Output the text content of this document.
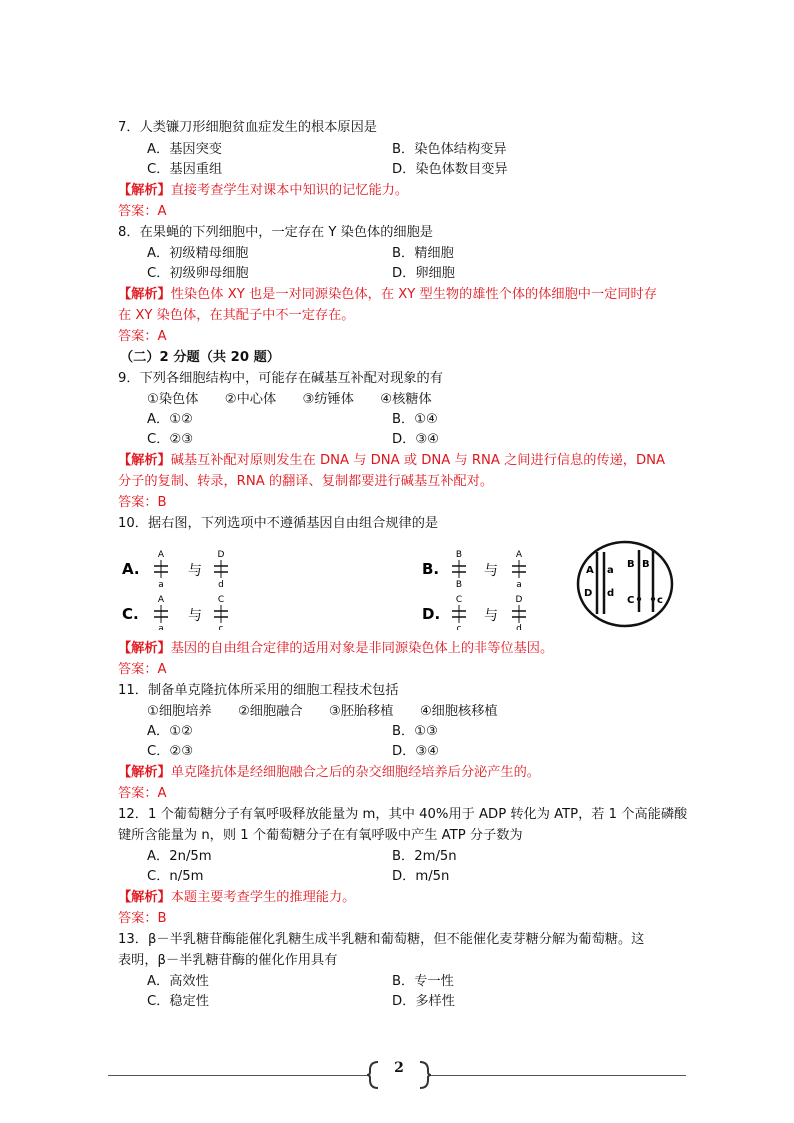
7．人类镰刀形细胞贫血症发生的根本原因是
A．基因突变	B．染色体结构变异
C．基因重组	D．染色体数目变异
【解析】直接考查学生对课本中知识的记忆能力。
答案：A
8．在果蝇的下列细胞中，一定存在 Y 染色体的细胞是
A．初级精母细胞	B．精细胞
C．初级卵母细胞	D．卵细胞
【解析】性染色体 XY 也是一对同源染色体，在 XY 型生物的雄性个体的体细胞中一定同时存
在 XY 染色体，在其配子中不一定存在。
答案：A
（二）2 分题（共 20 题）
9．下列各细胞结构中，可能存在碱基互补配对现象的有
①染色体　　②中心体　　③纺锤体　　④核糖体
A．①②	B．①④
C．②③	D．③④
【解析】碱基互补配对原则发生在 DNA 与 DNA 或 DNA 与 RNA 之间进行信息的传递，DNA
分子的复制、转录，RNA 的翻译、复制都要进行碱基互补配对。
答案：B
10．据右图，下列选项中不遵循基因自由组合规律的是
A.
A
a
与
D
d
C.
A
a
与
C
c
B.
B
B
与
A
a
D.
C
c
与
D
d
A a
D d
B B
C c
【解析】基因的自由组合定律的适用对象是非同源染色体上的非等位基因。
答案：A
11．制备单克隆抗体所采用的细胞工程技术包括
①细胞培养　　②细胞融合　　③胚胎移植　　④细胞核移植
A．①②	B．①③
C．②③	D．③④
【解析】单克隆抗体是经细胞融合之后的杂交细胞经培养后分泌产生的。
答案：A
12．1 个葡萄糖分子有氧呼吸释放能量为 m，其中 40%用于 ADP 转化为 ATP，若 1 个高能磷酸
键所含能量为 n，则 1 个葡萄糖分子在有氧呼吸中产生 ATP 分子数为
A．2n/5m	B．2m/5n
C．n/5m	D．m/5n
【解析】本题主要考查学生的推理能力。
答案：B
13．β－半乳糖苷酶能催化乳糖生成半乳糖和葡萄糖，但不能催化麦芽糖分解为葡萄糖。这
表明，β－半乳糖苷酶的催化作用具有
A．高效性	B．专一性
C．稳定性	D．多样性
2
